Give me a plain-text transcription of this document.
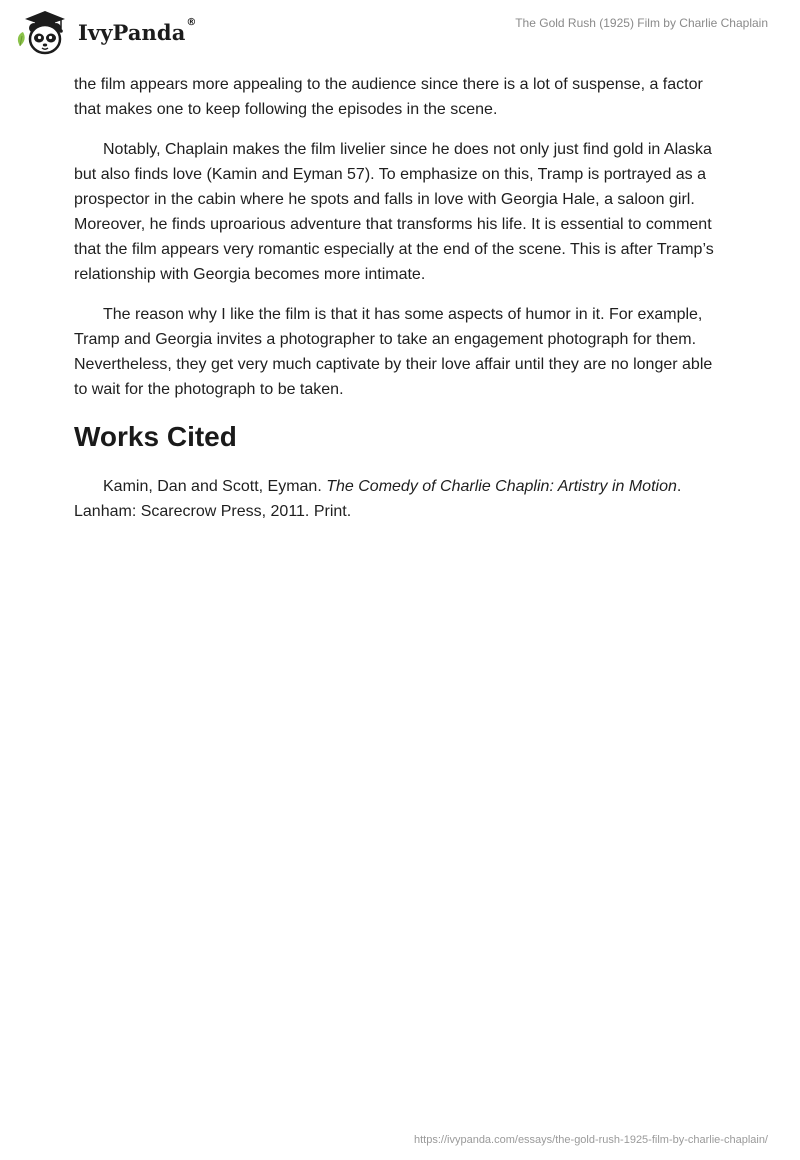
IvyPanda®	The Gold Rush (1925) Film by Charlie Chaplain

the film appears more appealing to the audience since there is a lot of suspense, a factor that makes one to keep following the episodes in the scene.

Notably, Chaplain makes the film livelier since he does not only just find gold in Alaska but also finds love (Kamin and Eyman 57). To emphasize on this, Tramp is portrayed as a prospector in the cabin where he spots and falls in love with Georgia Hale, a saloon girl. Moreover, he finds uproarious adventure that transforms his life. It is essential to comment that the film appears very romantic especially at the end of the scene. This is after Tramp’s relationship with Georgia becomes more intimate.

The reason why I like the film is that it has some aspects of humor in it. For example, Tramp and Georgia invites a photographer to take an engagement photograph for them. Nevertheless, they get very much captivate by their love affair until they are no longer able to wait for the photograph to be taken.

Works Cited

Kamin, Dan and Scott, Eyman. The Comedy of Charlie Chaplin: Artistry in Motion. Lanham: Scarecrow Press, 2011. Print.

https://ivypanda.com/essays/the-gold-rush-1925-film-by-charlie-chaplain/
